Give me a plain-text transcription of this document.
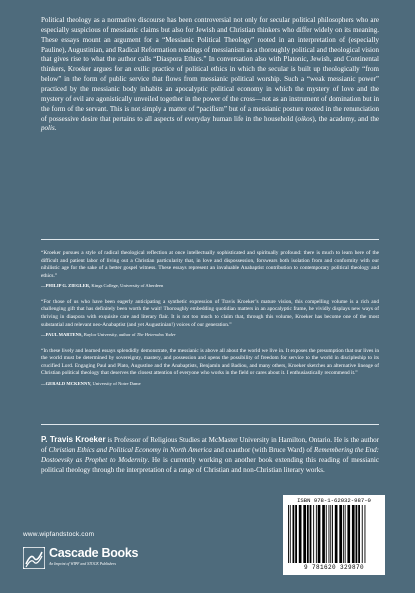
Political theology as a normative discourse has been controversial not only for secular political philosophers who are especially suspicious of messianic claims but also for Jewish and Christian thinkers who differ widely on its meaning. These essays mount an argument for a “Messianic Political Theology” rooted in an interpretation of (especially Pauline), Augustinian, and Radical Reformation readings of messianism as a thoroughly political and theological vision that gives rise to what the author calls “Diaspora Ethics.” In conversation also with Platonic, Jewish, and Continental thinkers, Kroeker argues for an exilic practice of political ethics in which the secular is built up theologically “from below” in the form of public service that flows from messianic political worship. Such a “weak messianic power” practiced by the messianic body inhabits an apocalyptic political economy in which the mystery of love and the mystery of evil are agonistically unveiled together in the power of the cross—not as an instrument of domination but in the form of the servant. This is not simply a matter of “pacifism” but of a messianic posture rooted in the renunciation of possessive desire that pertains to all aspects of everyday human life in the household (oikos), the academy, and the polis.

“Kroeker pursues a style of radical theological reflection at once intellectually sophisticated and spiritually profound: there is much to learn here of the difficult and patient labor of living out a Christian particularity that, in love and dispossession, forswears both isolation from and conformity with our nihilistic age for the sake of a better gospel witness. These essays represent an invaluable Anabaptist contribution to contemporary political theology and ethics.”

—PHILIP G. ZIEGLER, Kings College, University of Aberdeen

“For those of us who have been eagerly anticipating a synthetic expression of Travis Kroeker’s mature vision, this compelling volume is a rich and challenging gift that has definitely been worth the wait! Thoroughly embedding quotidian matters in an apocalyptic frame, he vividly displays new ways of thriving in diaspora with exquisite care and literary flair. It is not too much to claim that, through this volume, Kroeker has become one of the most substantial and relevant neo-Anabaptist (and yet Augustinian!) voices of our generation.”

—PAUL MARTENS, Baylor University, author of The Heterodox Yoder

“In these lively and learned essays splendidly demonstrate, the messianic is above all about the world we live in. It exposes the presumption that our lives in the world must be determined by sovereignty, mastery, and possession and opens the possibility of freedom for service to the world in discipleship to its crucified Lord. Engaging Paul and Plato, Augustine and the Anabaptists, Benjamin and Badiou, and many others, Kroeker sketches an alternative lineage of Christian political theology that deserves the closest attention of everyone who works in the field or cares about it. I enthusiastically recommend it.”

—GERALD MCKENNY, University of Notre Dame

P. Travis Kroeker is Professor of Religious Studies at McMaster University in Hamilton, Ontario. He is the author of Christian Ethics and Political Economy in North America and coauthor (with Bruce Ward) of Remembering the End: Dostoevsky as Prophet to Modernity. He is currently working on another book extending this reading of messianic political theology through the interpretation of a range of Christian and non-Christian literary works.

www.wipfandstock.com
Cascade Books
An Imprint of WIPF and STOCK Publishers
ISBN 978-1-62032-987-0
9 781620 329870
